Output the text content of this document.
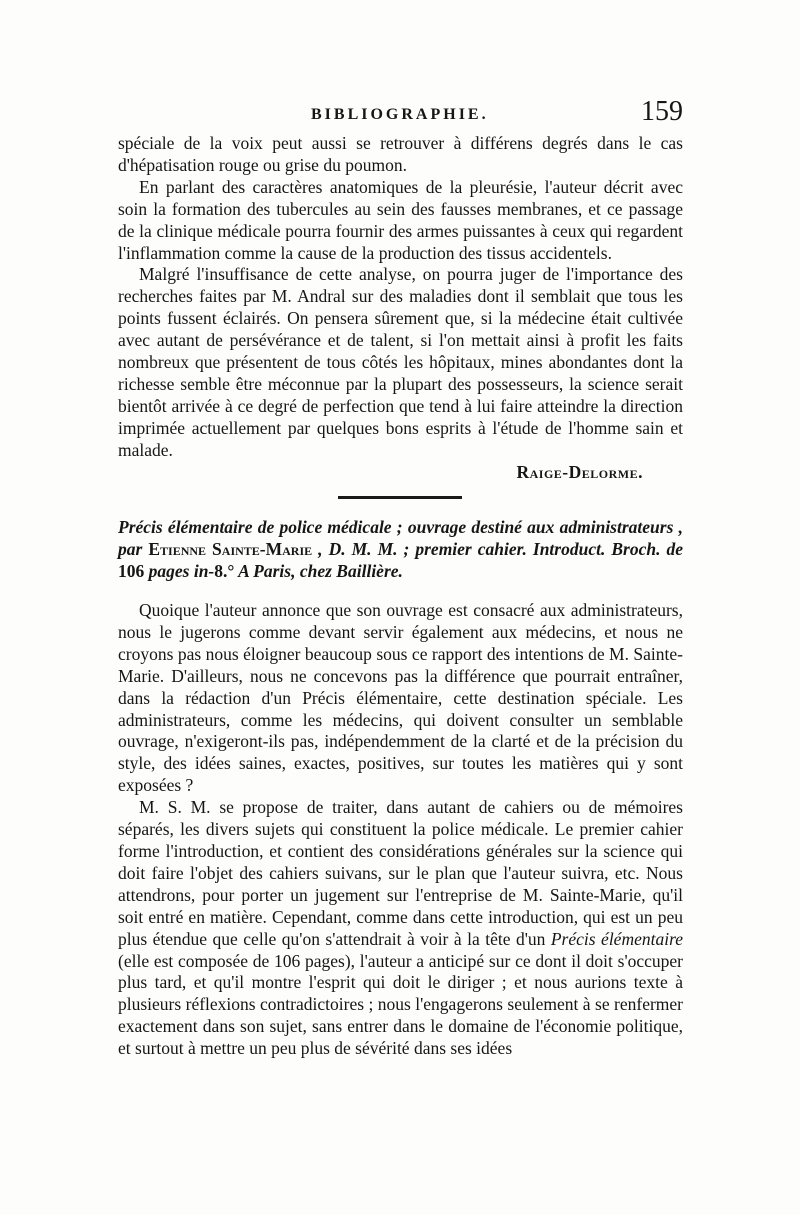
BIBLIOGRAPHIE.	159

spéciale de la voix peut aussi se retrouver à différens degrés dans le cas d'hépatisation rouge ou grise du poumon.

En parlant des caractères anatomiques de la pleurésie, l'auteur décrit avec soin la formation des tubercules au sein des fausses membranes, et ce passage de la clinique médicale pourra fournir des armes puissantes à ceux qui regardent l'inflammation comme la cause de la production des tissus accidentels.

Malgré l'insuffisance de cette analyse, on pourra juger de l'importance des recherches faites par M. Andral sur des maladies dont il semblait que tous les points fussent éclairés. On pensera sûrement que, si la médecine était cultivée avec autant de persévérance et de talent, si l'on mettait ainsi à profit les faits nombreux que présentent de tous côtés les hôpitaux, mines abondantes dont la richesse semble être méconnue par la plupart des possesseurs, la science serait bientôt arrivée à ce degré de perfection que tend à lui faire atteindre la direction imprimée actuellement par quelques bons esprits à l'étude de l'homme sain et malade.

Raige-Delorme.

Précis élémentaire de police médicale ; ouvrage destiné aux administrateurs , par Etienne Sainte-Marie , D. M. M. ; premier cahier. Introduct. Broch. de 106 pages in-8.° A Paris, chez Baillière.

Quoique l'auteur annonce que son ouvrage est consacré aux administrateurs, nous le jugerons comme devant servir également aux médecins, et nous ne croyons pas nous éloigner beaucoup sous ce rapport des intentions de M. Sainte-Marie. D'ailleurs, nous ne concevons pas la différence que pourrait entraîner, dans la rédaction d'un Précis élémentaire, cette destination spéciale. Les administrateurs, comme les médecins, qui doivent consulter un semblable ouvrage, n'exigeront-ils pas, indépendemment de la clarté et de la précision du style, des idées saines, exactes, positives, sur toutes les matières qui y sont exposées ?

M. S. M. se propose de traiter, dans autant de cahiers ou de mémoires séparés, les divers sujets qui constituent la police médicale. Le premier cahier forme l'introduction, et contient des considérations générales sur la science qui doit faire l'objet des cahiers suivans, sur le plan que l'auteur suivra, etc. Nous attendrons, pour porter un jugement sur l'entreprise de M. Sainte-Marie, qu'il soit entré en matière. Cependant, comme dans cette introduction, qui est un peu plus étendue que celle qu'on s'attendrait à voir à la tête d'un Précis élémentaire (elle est composée de 106 pages), l'auteur a anticipé sur ce dont il doit s'occuper plus tard, et qu'il montre l'esprit qui doit le diriger ; et nous aurions texte à plusieurs réflexions contradictoires ; nous l'engagerons seulement à se renfermer exactement dans son sujet, sans entrer dans le domaine de l'économie politique, et surtout à mettre un peu plus de sévérité dans ses idées
